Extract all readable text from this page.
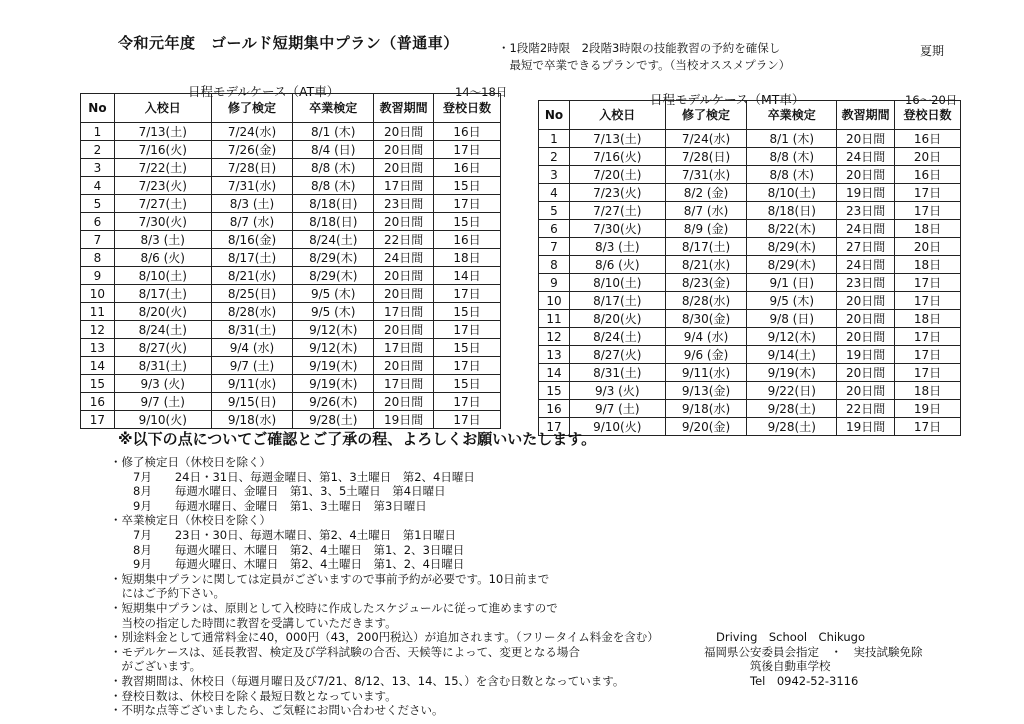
令和元年度　ゴールド短期集中プラン（普通車）	・1段階2時限　2段階3時限の技能教習の予約を確保し
　最短で卒業できるプランです。（当校オススメプラン）
夏期
日程モデルケース（AT車）	14～18日
No	入校日	修了検定	卒業検定	教習期間	登校日数
1	7/13(土)	7/24(水)	8/1 (木)	20日間	16日
2	7/16(火)	7/26(金)	8/4 (日)	20日間	17日
3	7/22(土)	7/28(日)	8/8 (木)	20日間	16日
4	7/23(火)	7/31(水)	8/8 (木)	17日間	15日
5	7/27(土)	8/3 (土)	8/18(日)	23日間	17日
6	7/30(火)	8/7 (水)	8/18(日)	20日間	15日
7	8/3 (土)	8/16(金)	8/24(土)	22日間	16日
8	8/6 (火)	8/17(土)	8/29(木)	24日間	18日
9	8/10(土)	8/21(水)	8/29(木)	20日間	14日
10	8/17(土)	8/25(日)	9/5 (木)	20日間	17日
11	8/20(火)	8/28(水)	9/5 (木)	17日間	15日
12	8/24(土)	8/31(土)	9/12(木)	20日間	17日
13	8/27(火)	9/4 (水)	9/12(木)	17日間	15日
14	8/31(土)	9/7 (土)	9/19(木)	20日間	17日
15	9/3 (火)	9/11(水)	9/19(木)	17日間	15日
16	9/7 (土)	9/15(日)	9/26(木)	20日間	17日
17	9/10(火)	9/18(水)	9/28(土)	19日間	17日
日程モデルケース（MT車）	16～20日
No	入校日	修了検定	卒業検定	教習期間	登校日数
1	7/13(土)	7/24(水)	8/1 (木)	20日間	16日
2	7/16(火)	7/28(日)	8/8 (木)	24日間	20日
3	7/20(土)	7/31(水)	8/8 (木)	20日間	16日
4	7/23(火)	8/2 (金)	8/10(土)	19日間	17日
5	7/27(土)	8/7 (水)	8/18(日)	23日間	17日
6	7/30(火)	8/9 (金)	8/22(木)	24日間	18日
7	8/3 (土)	8/17(土)	8/29(木)	27日間	20日
8	8/6 (火)	8/21(水)	8/29(木)	24日間	18日
9	8/10(土)	8/23(金)	9/1 (日)	23日間	17日
10	8/17(土)	8/28(水)	9/5 (木)	20日間	17日
11	8/20(火)	8/30(金)	9/8 (日)	20日間	18日
12	8/24(土)	9/4 (水)	9/12(木)	20日間	17日
13	8/27(火)	9/6 (金)	9/14(土)	19日間	17日
14	8/31(土)	9/11(水)	9/19(木)	20日間	17日
15	9/3 (火)	9/13(金)	9/22(日)	20日間	18日
16	9/7 (土)	9/18(水)	9/28(土)	22日間	19日
17	9/10(火)	9/20(金)	9/28(土)	19日間	17日
※以下の点についてご確認とご了承の程、よろしくお願いいたします。
・修了検定日（休校日を除く）
　　7月　　24日・31日、毎週金曜日、第1、3土曜日　第2、4日曜日
　　8月　　毎週水曜日、金曜日　第1、3、5土曜日　第4日曜日
　　9月　　毎週水曜日、金曜日　第1、3土曜日　第3日曜日
・卒業検定日（休校日を除く）
　　7月　　23日・30日、毎週木曜日、第2、4土曜日　第1日曜日
　　8月　　毎週火曜日、木曜日　第2、4土曜日　第1、2、3日曜日
　　9月　　毎週火曜日、木曜日　第2、4土曜日　第1、2、4日曜日
・短期集中プランに関しては定員がございますので事前予約が必要です。10日前まで
　にはご予約下さい。
・短期集中プランは、原則として入校時に作成したスケジュールに従って進めますので
　当校の指定した時間に教習を受講していただきます。
・別途料金として通常料金に40，000円（43，200円税込）が追加されます。（フリータイム料金を含む）
・モデルケースは、延長教習、検定及び学科試験の合否、天候等によって、変更となる場合
　がございます。
・教習期間は、休校日（毎週月曜日及び7/21、8/12、13、14、15、）を含む日数となっています。
・登校日数は、休校日を除く最短日数となっています。
・不明な点等ございましたら、ご気軽にお問い合わせください。
Driving　School　Chikugo
福岡県公安委員会指定　・　実技試験免除
筑後自動車学校
Tel　0942-52-3116
